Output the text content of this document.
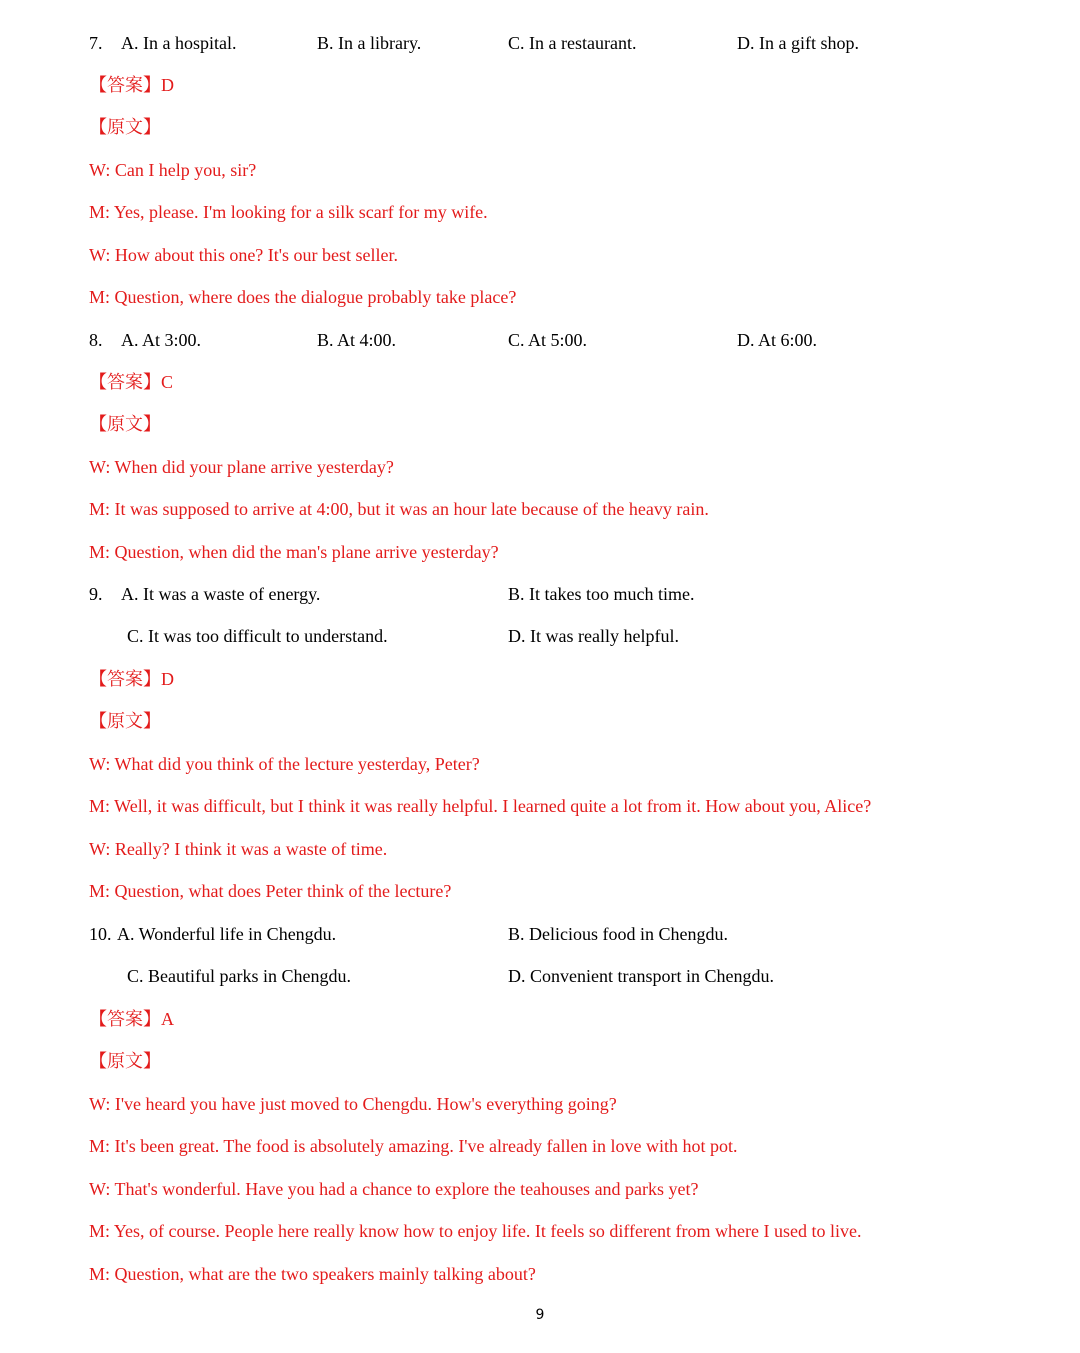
7. A. In a hospital.	B. In a library.	C. In a restaurant.	D. In a gift shop.
【答案】D
【原文】
W: Can I help you, sir?
M: Yes, please. I'm looking for a silk scarf for my wife.
W: How about this one? It's our best seller.
M: Question, where does the dialogue probably take place?
8. A. At 3:00.	B. At 4:00.	C. At 5:00.	D. At 6:00.
【答案】C
【原文】
W: When did your plane arrive yesterday?
M: It was supposed to arrive at 4:00, but it was an hour late because of the heavy rain.
M: Question, when did the man's plane arrive yesterday?
9. A. It was a waste of energy.	B. It takes too much time.
C. It was too difficult to understand.	D. It was really helpful.
【答案】D
【原文】
W: What did you think of the lecture yesterday, Peter?
M: Well, it was difficult, but I think it was really helpful. I learned quite a lot from it. How about you, Alice?
W: Really? I think it was a waste of time.
M: Question, what does Peter think of the lecture?
10. A. Wonderful life in Chengdu.	B. Delicious food in Chengdu.
C. Beautiful parks in Chengdu.	D. Convenient transport in Chengdu.
【答案】A
【原文】
W: I've heard you have just moved to Chengdu. How's everything going?
M: It's been great. The food is absolutely amazing. I've already fallen in love with hot pot.
W: That's wonderful. Have you had a chance to explore the teahouses and parks yet?
M: Yes, of course. People here really know how to enjoy life. It feels so different from where I used to live.
M: Question, what are the two speakers mainly talking about?
9
